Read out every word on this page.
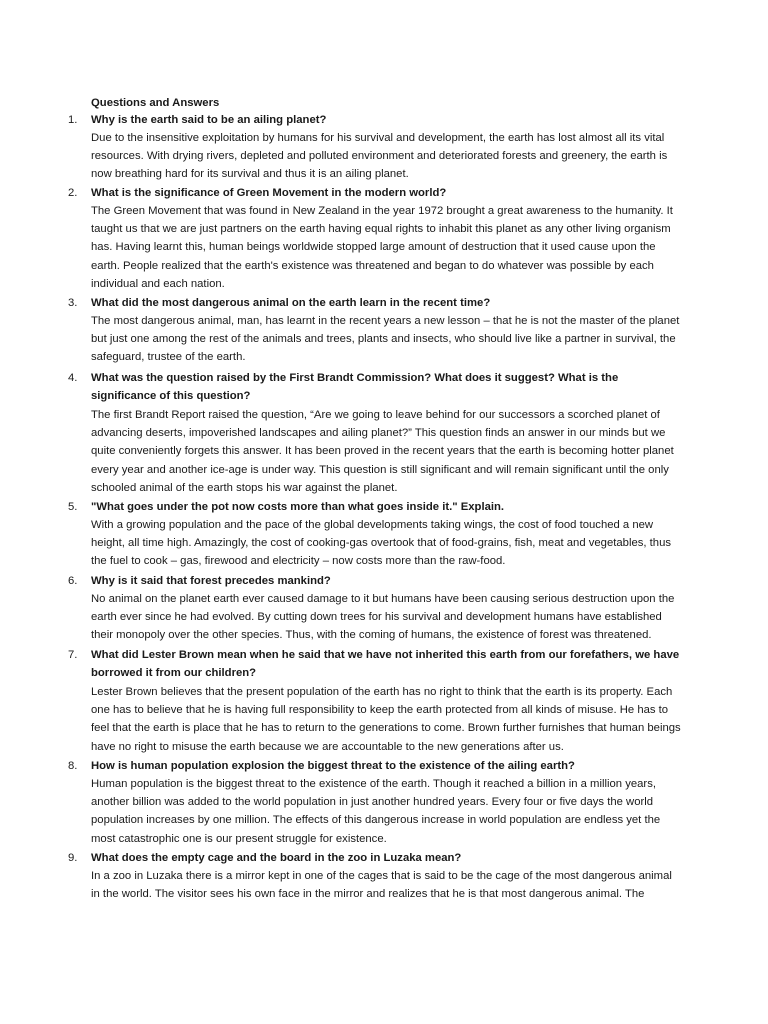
Questions and Answers

1. Why is the earth said to be an ailing planet?

Due to the insensitive exploitation by humans for his survival and development, the earth has lost almost all its vital resources. With drying rivers, depleted and polluted environment and deteriorated forests and greenery, the earth is now breathing hard for its survival and thus it is an ailing planet.

2. What is the significance of Green Movement in the modern world?

The Green Movement that was found in New Zealand in the year 1972 brought a great awareness to the humanity. It taught us that we are just partners on the earth having equal rights to inhabit this planet as any other living organism has. Having learnt this, human beings worldwide stopped large amount of destruction that it used cause upon the earth. People realized that the earth's existence was threatened and began to do whatever was possible by each individual and each nation.

3. What did the most dangerous animal on the earth learn in the recent time?

The most dangerous animal, man, has learnt in the recent years a new lesson – that he is not the master of the planet but just one among the rest of the animals and trees, plants and insects, who should live like a partner in survival, the safeguard, trustee of the earth.

4. What was the question raised by the First Brandt Commission? What does it suggest? What is the significance of this question?

The first Brandt Report raised the question, “Are we going to leave behind for our successors a scorched planet of advancing deserts, impoverished landscapes and ailing planet?” This question finds an answer in our minds but we quite conveniently forgets this answer. It has been proved in the recent years that the earth is becoming hotter planet every year and another ice-age is under way. This question is still significant and will remain significant until the only schooled animal of the earth stops his war against the planet.

5. "What goes under the pot now costs more than what goes inside it." Explain.

With a growing population and the pace of the global developments taking wings, the cost of food touched a new height, all time high. Amazingly, the cost of cooking-gas overtook that of food-grains, fish, meat and vegetables, thus the fuel to cook – gas, firewood and electricity – now costs more than the raw-food.

6. Why is it said that forest precedes mankind?

No animal on the planet earth ever caused damage to it but humans have been causing serious destruction upon the earth ever since he had evolved. By cutting down trees for his survival and development humans have established their monopoly over the other species. Thus, with the coming of humans, the existence of forest was threatened.

7. What did Lester Brown mean when he said that we have not inherited this earth from our forefathers, we have borrowed it from our children?

Lester Brown believes that the present population of the earth has no right to think that the earth is its property. Each one has to believe that he is having full responsibility to keep the earth protected from all kinds of misuse. He has to feel that the earth is place that he has to return to the generations to come. Brown further furnishes that human beings have no right to misuse the earth because we are accountable to the new generations after us.

8. How is human population explosion the biggest threat to the existence of the ailing earth?

Human population is the biggest threat to the existence of the earth. Though it reached a billion in a million years, another billion was added to the world population in just another hundred years. Every four or five days the world population increases by one million. The effects of this dangerous increase in world population are endless yet the most catastrophic one is our present struggle for existence.

9. What does the empty cage and the board in the zoo in Luzaka mean?

In a zoo in Luzaka there is a mirror kept in one of the cages that is said to be the cage of the most dangerous animal in the world. The visitor sees his own face in the mirror and realizes that he is that most dangerous animal. The
